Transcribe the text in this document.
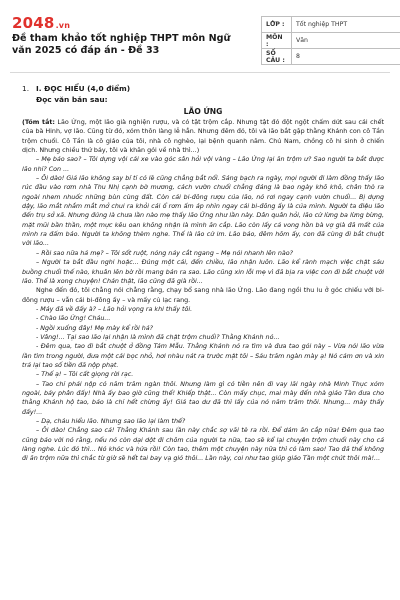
2048.vn
Đề tham khảo tốt nghiệp THPT môn Ngữ văn 2025 có đáp án - Đề 33
LỚP :	Tốt nghiệp THPT
MÔN :	Văn
SỐ CÂU :	8
1. I. ĐỌC HIỂU (4,0 điểm)
Đọc văn bản sau:
LÃO ỨNG

(Tóm tắt: Lão Ứng, một lão già nghiện rượu, và có tật trộm cắp. Nhưng tật đó đột ngột chấm dứt sau cái chết của bà Hinh, vợ lão. Cũng từ đó, xóm thôn làng lễ hẳn. Nhưng đêm đó, tôi và lão bắt gặp thằng Khánh con cô Tần trộm chuối. Cô Tần là cô giáo của tôi, nhà cô nghèo, lại bệnh quanh năm. Chú Nam, chồng cô hi sinh ở chiến dịch. Nhưng chiều thứ bảy, tôi và khăn gói về nhà thì...)

– Mẹ bảo sao? – Tôi dựng vội cái xe vào góc sân hỏi vội vàng – Lão Ứng lại ăn trộm ư? Sao người ta bắt được lão nhỉ? Con ...

– Ôi dào! Giả lão không say bí tỉ có lẽ cũng chẳng bắt nổi. Sáng bạch ra ngày, mọi người đi làm đồng thấy lão rúc đầu vào rơm nhà Thu Nhị cạnh bờ mương, cách vườn chuối chẳng đáng là bao ngày khô khô, chân thò ra ngoài nhem nhuốc những bùn cùng đất. Còn cái bi-đông rượu của lão, nó rơi ngay cạnh vườn chuối... Bị dựng dậy, lão mắt nhắm mắt mở chui ra khỏi cái ổ rơm ấm áp nhìn ngay cái bi-đông ấy là của mình. Người ta điệu lão đến trụ sở xã. Nhưng đúng là chưa lần nào mẹ thấy lão Ứng như lần này. Dân quân hỏi, lão cứ lừng ba lừng bừng, mặt mũi bần thần, một mực kêu oan không nhận là mình ăn cắp. Lão còn lấy cả vong hồn bà vợ già đã mất của mình ra đấm báo. Người ta không thèm nghe. Thế là lão cứ im. Lão bảo, đêm hôm ấy, con đã cùng đi bắt chuột với lão...

– Rồi sao nữa hả mẹ? – Tôi sốt ruột, nóng nảy cắt ngang – Mẹ nói nhanh lên nào?

– Người ta bắt đầu nghi hoặc... Đúng một cái, đến chiều, lão nhận luôn. Lão kể rành mạch việc chặt sáu buồng chuối thế nào, khuân lên bờ rồi mang bán ra sao. Lão cũng xin lỗi mẹ vì đã bịa ra việc con đi bắt chuột với lão. Thế là xong chuyện! Chán thật, lão cũng đã già rồi...

Nghe đến đó, tôi chẳng nói chẳng rằng, chạy bổ sang nhà lão Ứng. Lão đang ngồi thu lu ở góc chiếu với bi-đông rượu – vẫn cái bi-đông ấy – và mấy củ lạc rang.

- Máy đã về đấy à? – Lão hỏi vọng ra khi thấy tôi.

- Chào lão Ứng! Cháu...

- Ngồi xuống đây! Mẹ mày kể rồi hả?

- Vâng!... Tại sao lão lại nhận là mình đã chặt trộm chuối? Thằng Khánh nó...

- Đêm qua, tao đi bắt chuột ở đồng Tám Mẫu. Thằng Khánh nó ra tìm và đưa tao gói này – Vừa nói lão vừa lần tìm trong người, đưa một cái bọc nhỏ, hơi nhàu nát ra trước mặt tôi – Sáu trăm ngàn mày ạ! Nó cảm ơn và xin trả lại tao số tiền đã nộp phạt.

– Thế ạ! – Tôi cất giọng rời rạc.

– Tao chỉ phải nộp có năm trăm ngàn thôi. Nhưng làm gì có tiền nên đi vay lãi ngày nhà Minh Thục xóm ngoài, bảy phân đấy! Nhà ấy bao giờ cũng thế! Khiếp thật... Còn mấy chục, mai mày đến nhà giáo Tần đưa cho thằng Khánh hộ tao, bảo là chỉ hết chừng ấy! Giá tao dư đã thì lấy của nó năm trăm thôi. Nhưng... mày thấy đấy!...

– Dạ, cháu hiểu lão. Nhưng sao lão lại làm thế?

– Ôi dào! Chẳng sao cả! Thằng Khánh sau lần này chắc sợ vãi tè ra rồi. Để dám ăn cắp nữa! Đêm qua tao cũng bảo với nó rằng, nếu nó còn dại dột đi chôm của người ta nữa, tao sẽ kể lại chuyện trộm chuối này cho cả làng nghe. Lúc đó thì... Nó khóc và hứa rồi! Còn tao, thêm một chuyện này nữa thì có làm sao! Tao đã thế không đi ăn trộm nữa thì chắc từ giờ sẽ hết tai bay vạ gió thôi... Lần này, coi như tao giúp giáo Tần một chút thôi mà!...
